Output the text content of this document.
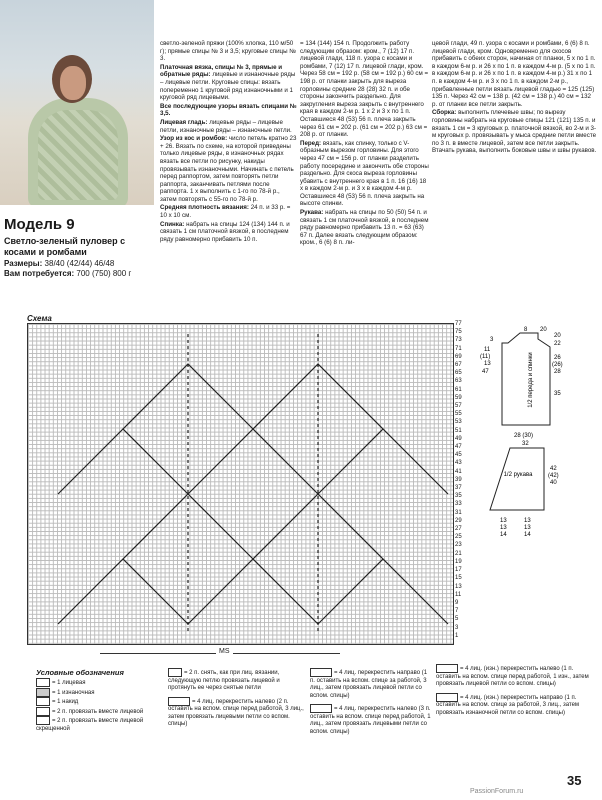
Модель 9
Светло-зеленый пуловер с косами и ромбами
Размеры: 38/40 (42/44) 46/48
Вам потребуется: 700 (750) 800 г

светло-зеленой пряжи (100% хлопка, 110 м/50 г); прямые спицы № 3 и 3,5; круговые спицы № 3.

Платочная вязка, спицы № 3, прямые и обратные ряды: лицевые и изнаночные ряды – лицевые петли. Круговые спицы: вязать попеременно 1 круговой ряд изнаночными и 1 круговой ряд лицевыми.

Все последующие узоры вязать спицами № 3,5.

Лицевая гладь: лицевые ряды – лицевые петли, изнаночные ряды – изнаночные петли.

Узор из кос и ромбов: число петель кратно 23 + 26. Вязать по схеме, на которой приведены только лицевые ряды, в изнаночных рядах вязать все петли по рисунку, накиды провязывать изнаночными. Начинать с петель перед раппортом, затем повторять петли раппорта, заканчивать петлями после раппорта. 1 х выполнить с 1-го по 78-й р., затем повторять с 55-го по 78-й р.

Средняя плотность вязания: 24 п. и 33 р. = 10 х 10 см.

Спинка: набрать на спицы 124 (134) 144 п. и связать 1 см платочной вязкой, в последнем ряду равномерно прибавить 10 п.

= 134 (144) 154 п. Продолжить работу следующим образом: кром., 7 (12) 17 п. лицевой глади, 118 п. узора с косами и ромбами, 7 (12) 17 п. лицевой глади, кром. Через 58 см = 192 р. (58 см = 192 р.) 60 см = 198 р. от планки закрыть для выреза горловины средние 28 (28) 32 п. и обе стороны закончить раздельно. Для закругления выреза закрыть с внутреннего края в каждом 2-м р. 1 х 2 и 3 х по 1 п. Оставшиеся 48 (53) 56 п. плеча закрыть через 61 см = 202 р. (61 см = 202 р.) 63 см = 208 р. от планки.

Перед: вязать, как спинку, только с V-образным вырезом горловины. Для этого через 47 см = 156 р. от планки разделить работу посередине и закончить обе стороны раздельно. Для скоса выреза горловины убавить с внутреннего края в 1 п. 16 (16) 18 х в каждом 2-м р. и 3 х в каждом 4-м р. Оставшиеся 48 (53) 56 п. плеча закрыть на высоте спинки.

Рукава: набрать на спицы по 50 (50) 54 п. и связать 1 см платочной вязкой, в последнем ряду равномерно прибавить 13 п. = 63 (63) 67 п. Далее вязать следующим образом: кром., 6 (6) 8 п. ли-

цевой глади, 49 п. узора с косами и ромбами, 6 (6) 8 п. лицевой глади, кром. Одновременно для скосов прибавить с обеих сторон, начиная от планки, 5 х по 1 п. в каждом 6-м р. и 26 х по 1 п. в каждом 4-м р. (5 х по 1 п. в каждом 6-м р. и 26 х по 1 п. в каждом 4-м р.) 31 х по 1 п. в каждом 4-м р. и 3 х по 1 п. в каждом 2-м р., прибавленные петли вязать лицевой гладью = 125 (125) 135 п. Через 42 см = 138 р. (42 см = 138 р.) 40 см = 132 р. от планки все петли закрыть.

Сборка: выполнить плечевые швы; по вырезу горловины набрать на круговые спицы 121 (121) 135 п. и вязать 1 см = 3 круговых р. платочной вязкой, во 2-м и 3-м круговых р. провязывать у мыса средние петли вместе по 3 п. в вместе лицевой, затем все петли закрыть. Втачать рукава, выполнить боковые швы и швы рукавов.

Схема
MS
77
75
73
71
69
67
65
63
61
59
57
55
53
51
49
47
45
43
41
39
37
35
33
31
29
27
25
23
21
19
17
15
13
11
9
7
5
3
1
1/2 переда и спинки
8 20
20
22
3
11
(11)
13
26
(26)
28
47
35
28 (30)
32
1/2 рукава
42
(42)
40
13
13
14
13
13
14
Условные обозначения
= 1 лицевая
= 1 изнаночная
= 1 накид
= 2 п. провязать вместе лицевой
= 2 п. провязать вместе лицевой скрещенной
= 2 п. снять, как при лиц. вязании, следующую петлю провязать лицевой и протянуть ее через снятые петли
= 4 лиц. перекрестить налево (2 п. оставить на вспом. спице перед работой, 3 лиц., затем провязать лицевыми петли со вспом. спицы)
= 4 лиц. перекрестить направо (1 п. оставить на вспом. спице за работой, 3 лиц., затем провязать лицевой петли со вспом. спицы)
= 4 лиц. перекрестить налево (3 п. оставить на вспом. спице перед работой, 1 лиц., затем провязать лицевыми петли со вспом. спицы)
= 4 лиц. (изн.) перекрестить налево (1 п. оставить на вспом. спице перед работой, 1 изн., затем провязать лицевой петли со вспом. спицы)
= 4 лиц. (изн.) перекрестить направо (1 п. оставить на вспом. спице за работой, 3 лиц., затем провязать изнаночной петли со вспом. спицы)
35
PassionForum.ru
